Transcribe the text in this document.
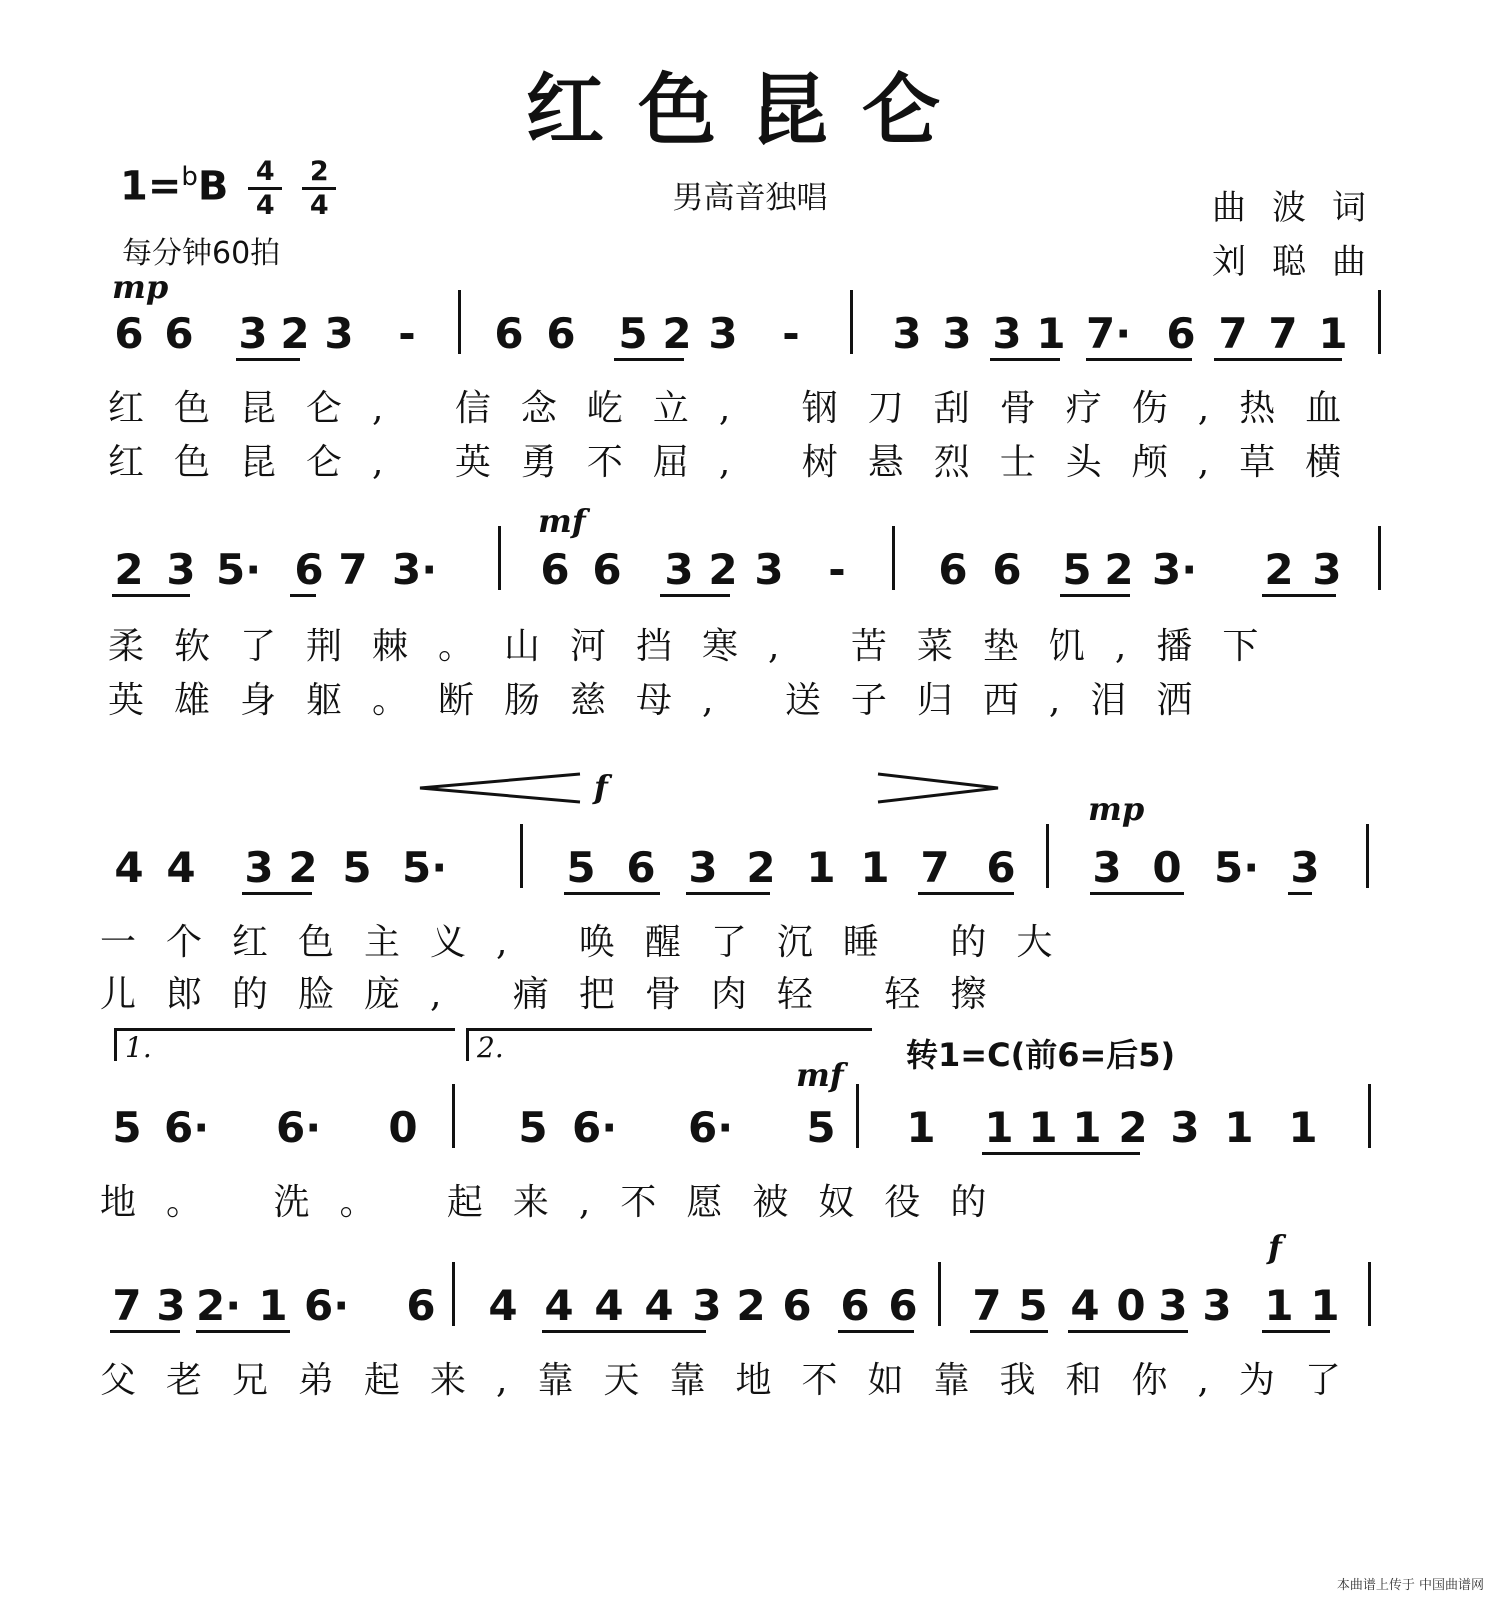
红色昆仑
$1=^bB \frac{4}{4}$
$\frac{2}{4}$
每分钟60拍
男高音独唱	曲波词
刘聪曲
mp
6 6 3 2 3 - 6 6 5 2 3 - 3 3 3 1 7· 6 7 7 1
红色昆仑, 信念屹立, 钢刀刮骨疗伤,热血
红色昆仑, 英勇不屈, 树悬烈士头颅,草横
mf
2 3 5· 6 7 3· 6 6 3 2 3 - 6 6 5 2 3· 2 3
柔软了荆棘。山河挡寒, 苦菜垫饥,播下
英雄身躯。断肠慈母, 送子归西,泪洒
f
mp
4 4 3 2 5 5·	5 6 3 2 1 1 7 6 3 0 5· 3
一个红色主义, 唤醒了沉睡 的大
儿郎的脸庞, 痛把骨肉轻 轻擦
1.	2.	转1=C(前6=后5)
mf
5 6· 6· 0 5 6· 6· 5 1 1 1 1 2 3 1 1
地。 洗。 起来,不愿被奴役的
f
7 3 2· 1 6· 6 4 4 4 4 3 2 6 6 6 7 5 4 0 3 3 1 1
父老兄弟起来,靠天靠地不如靠我和你,为了
本曲谱上传于 中国曲谱网
